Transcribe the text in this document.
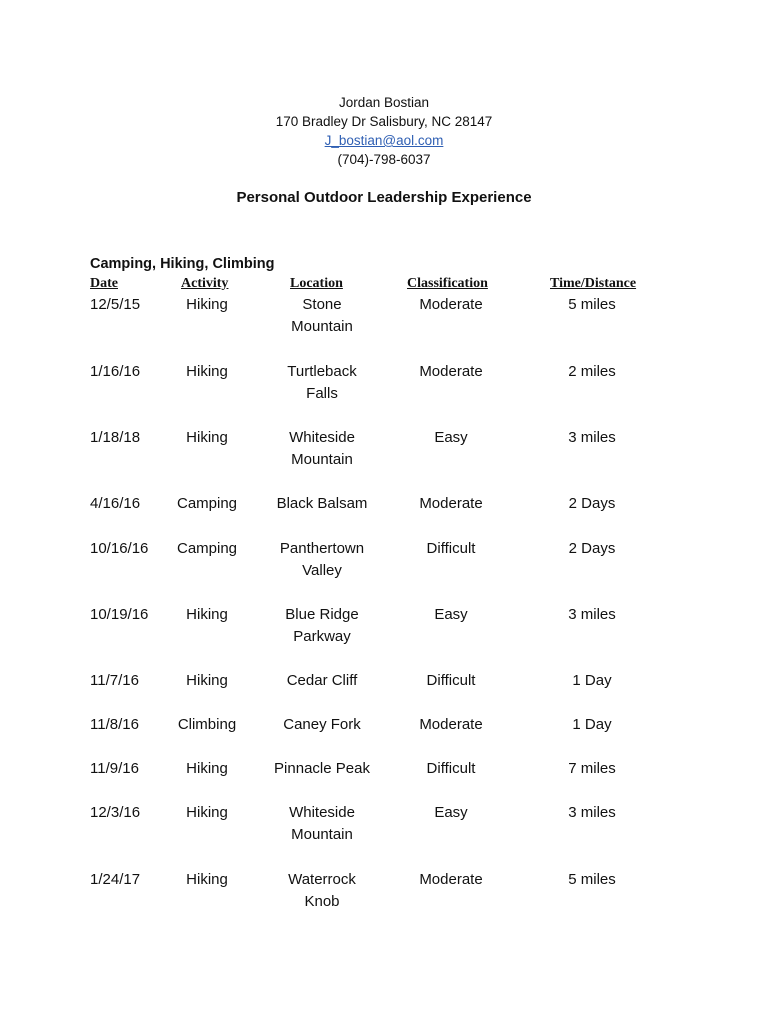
Jordan Bostian
170 Bradley Dr Salisbury, NC 28147
J_bostian@aol.com
(704)-798-6037
Personal Outdoor Leadership Experience
Camping, Hiking, Climbing
Date	Activity	Location	Classification	Time/Distance
12/5/15	Hiking	Stone
Mountain
Moderate	5 miles
1/16/16	Hiking	Turtleback
Falls
Moderate	2 miles
1/18/18	Hiking	Whiteside
Mountain
Easy	3 miles
4/16/16	Camping	Black Balsam	Moderate	2 Days
10/16/16	Camping	Panthertown
Valley
Difficult	2 Days
10/19/16	Hiking	Blue Ridge
Parkway
Easy	3 miles
11/7/16	Hiking	Cedar Cliff	Difficult	1 Day
11/8/16	Climbing	Caney Fork	Moderate	1 Day
11/9/16	Hiking	Pinnacle Peak	Difficult	7 miles
12/3/16	Hiking	Whiteside
Mountain
Easy	3 miles
1/24/17	Hiking	Waterrock
Knob
Moderate	5 miles
